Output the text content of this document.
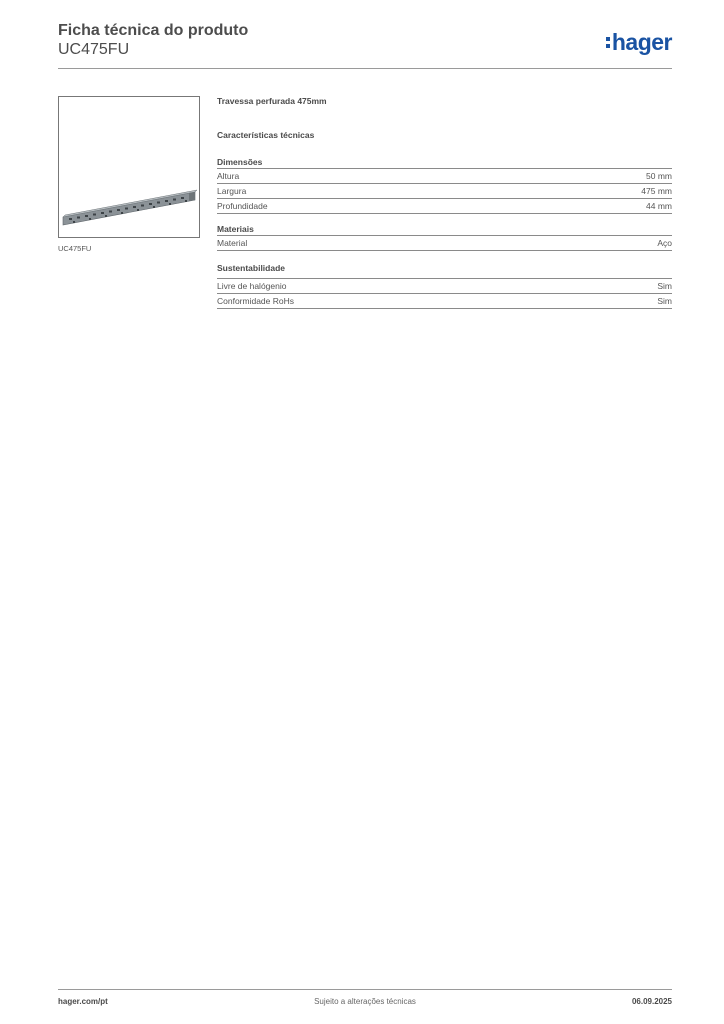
Ficha técnica do produto
UC475FU	hager
UC475FU
Travessa perfurada 475mm
Características técnicas
Dimensões
Altura	50 mm
Largura	475 mm
Profundidade	44 mm
Materiais
Material	Aço
Sustentabilidade
Livre de halógenio	Sim
Conformidade RoHs	Sim
hager.com/pt	Sujeito a alterações técnicas	06.09.2025
